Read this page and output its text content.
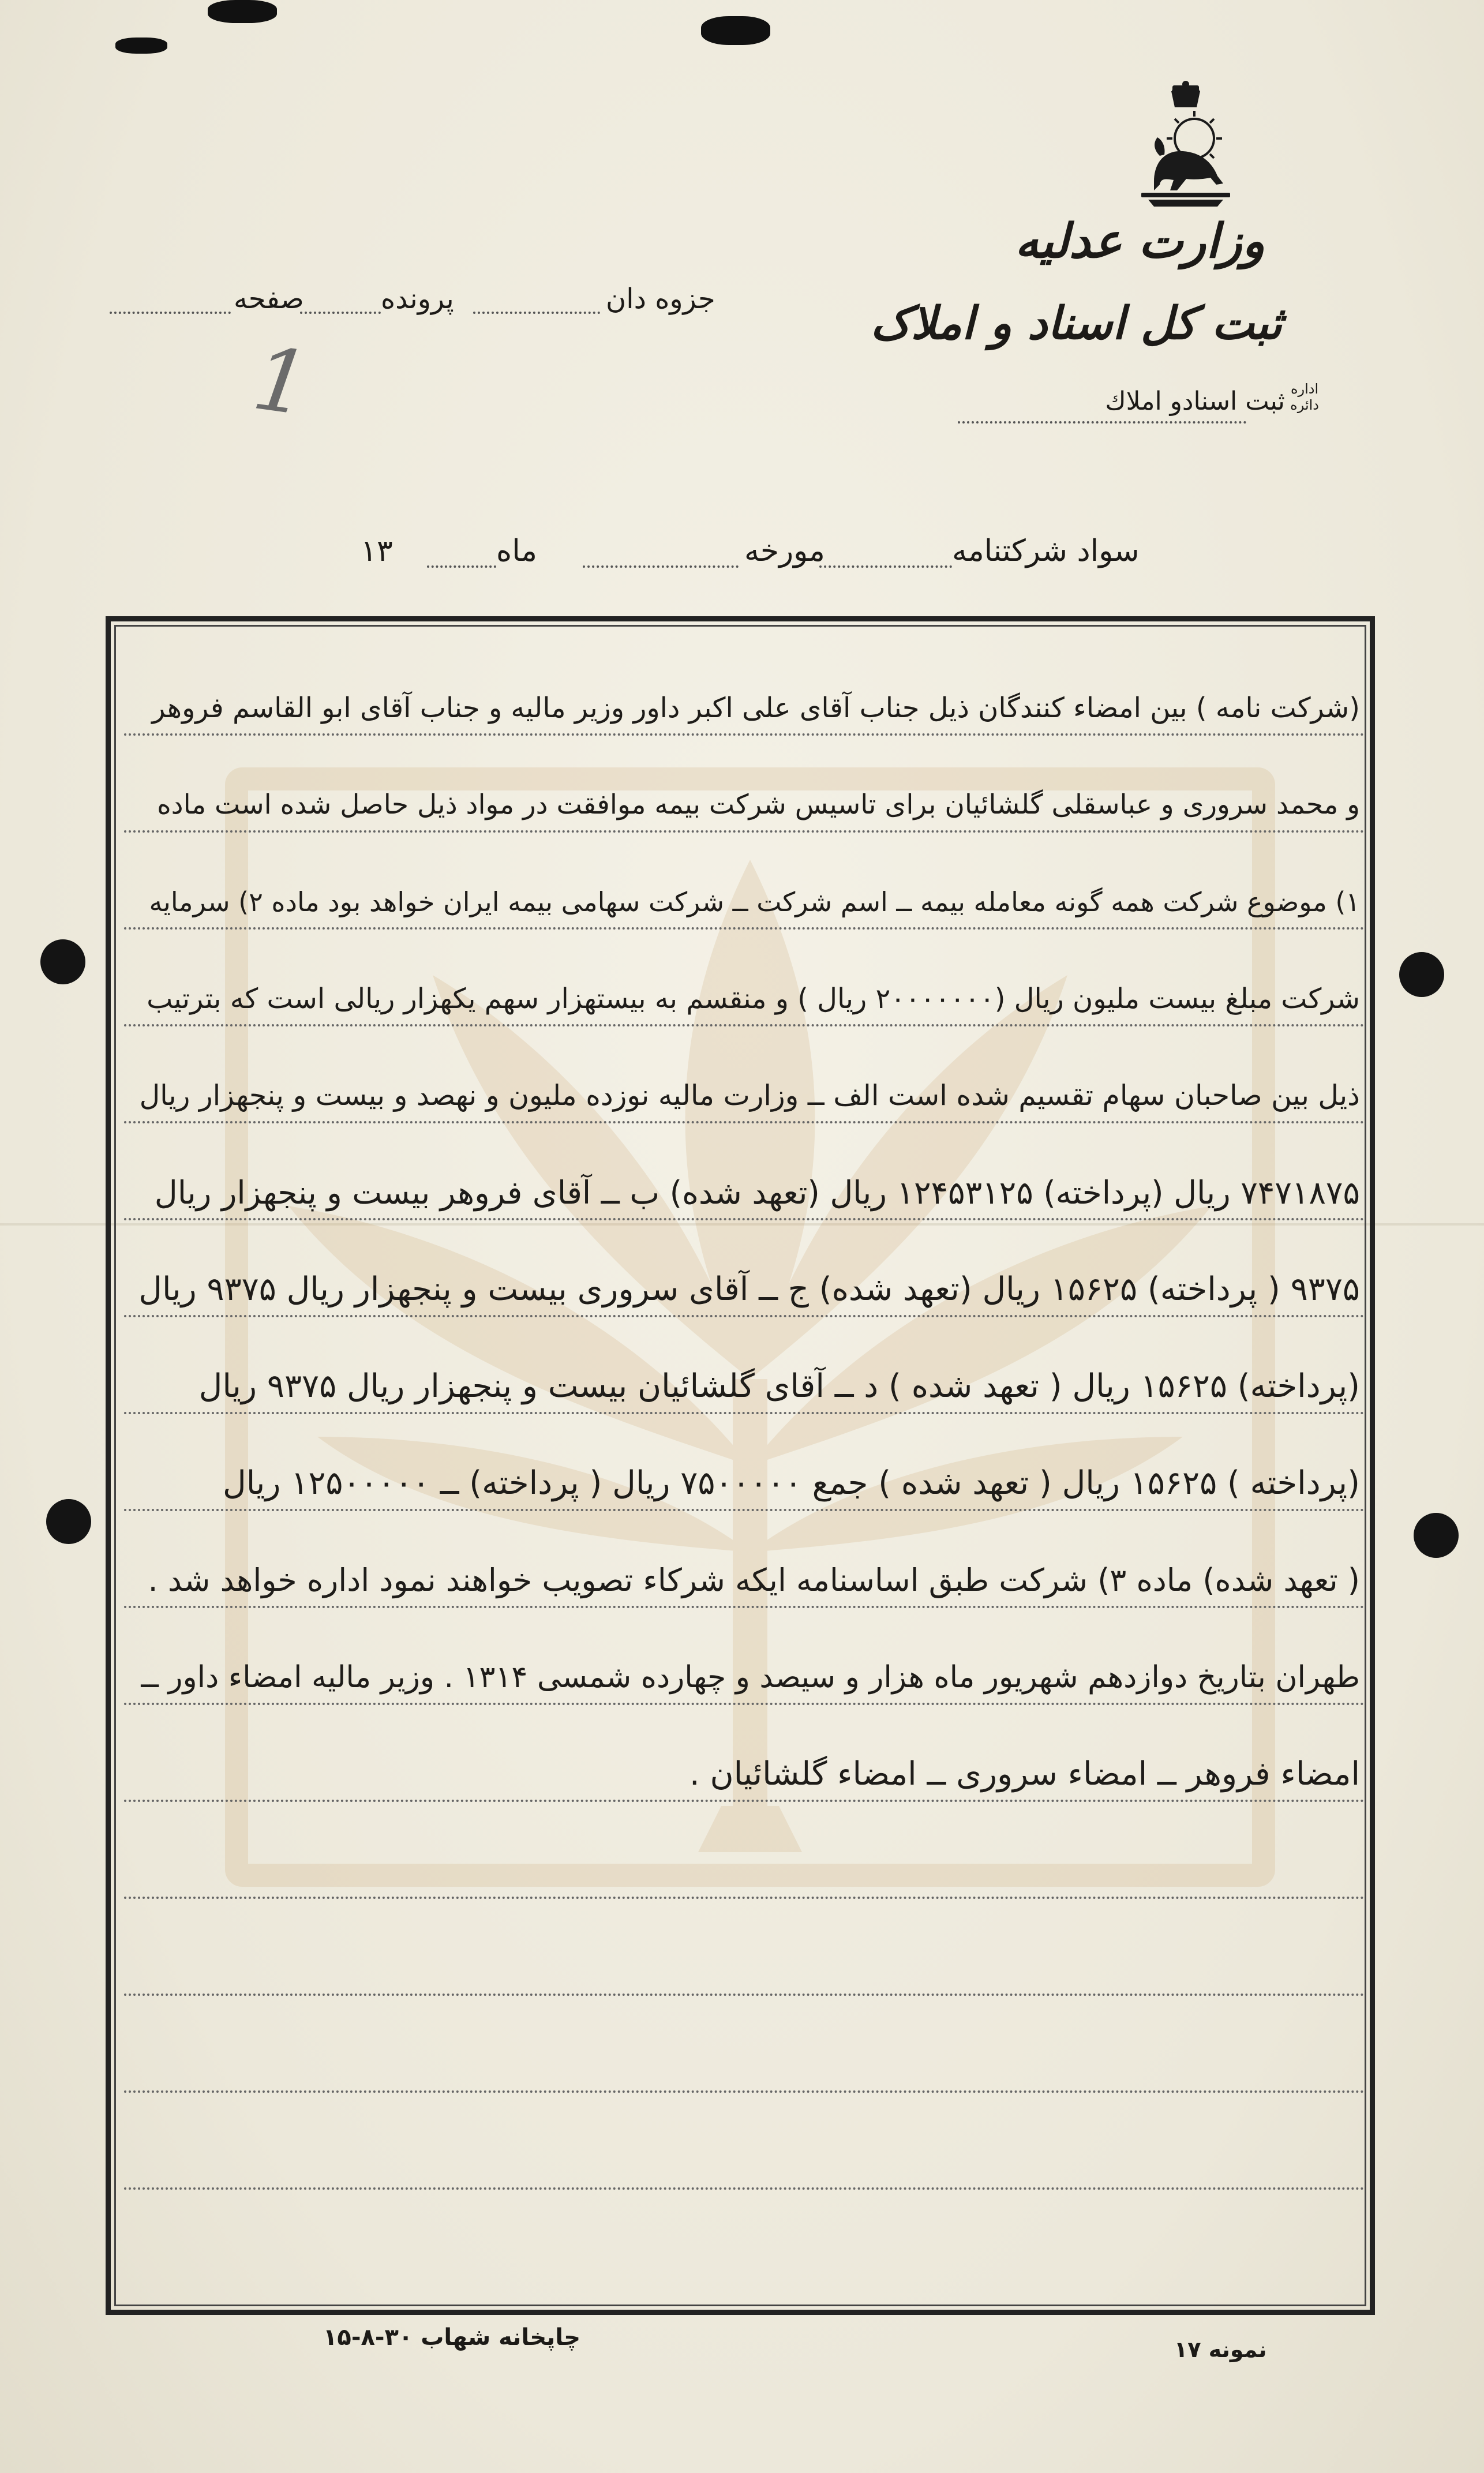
وزارت عدلیه
ثبت کل اسناد و املاک
اداره
دائره
ثبت اسنادو املاك
جزوه دان
پرونده
صفحه
1
سواد شرکتنامه
مورخه
ماه
۱۳
(شرکت نامه ) بین امضاء کنندگان ذیل جناب آقای علی اکبر داور وزیر مالیه و جناب آقای ابو القاسم فروهر
و محمد سروری و عباسقلی گلشائیان برای تاسیس شرکت بیمه موافقت در مواد ذیل حاصل شده است ماده
۱) موضوع شرکت همه گونه معامله بیمه ــ اسم شرکت ــ شرکت سهامی بیمه ایران خواهد بود ماده ۲) سرمایه
شرکت مبلغ بیست ملیون ریال (۲۰۰۰۰۰۰۰ ریال ) و منقسم به بیستهزار سهم یکهزار ریالی است که بترتیب
ذیل بین صاحبان سهام تقسیم شده است الف ــ وزارت مالیه نوزده ملیون و نهصد و بیست و پنجهزار ریال
۷۴۷۱۸۷۵ ریال (پرداخته) ۱۲۴۵۳۱۲۵ ریال (تعهد شده) ب ــ آقای فروهر بیست و پنجهزار ریال
۹۳۷۵ ( پرداخته) ۱۵۶۲۵ ریال (تعهد شده) ج ــ آقای سروری بیست و پنجهزار ریال ۹۳۷۵ ریال
(پرداخته) ۱۵۶۲۵ ریال ( تعهد شده ) د ــ آقای گلشائیان بیست و پنجهزار ریال ۹۳۷۵ ریال
(پرداخته ) ۱۵۶۲۵ ریال ( تعهد شده ) جمع ۷۵۰۰۰۰۰ ریال ( پرداخته) ــ ۱۲۵۰۰۰۰۰ ریال
( تعهد شده) ماده ۳) شرکت طبق اساسنامه ایکه شرکاء تصویب خواهند نمود اداره خواهد شد .
طهران بتاریخ دوازدهم شهریور ماه هزار و سیصد و چهارده شمسی ۱۳۱۴ . وزیر مالیه امضاء داور ــ
امضاء فروهر ــ امضاء سروری ــ امضاء گلشائیان .
چاپخانه شهاب ۳۰-۸-۱۵	نمونه ۱۷
